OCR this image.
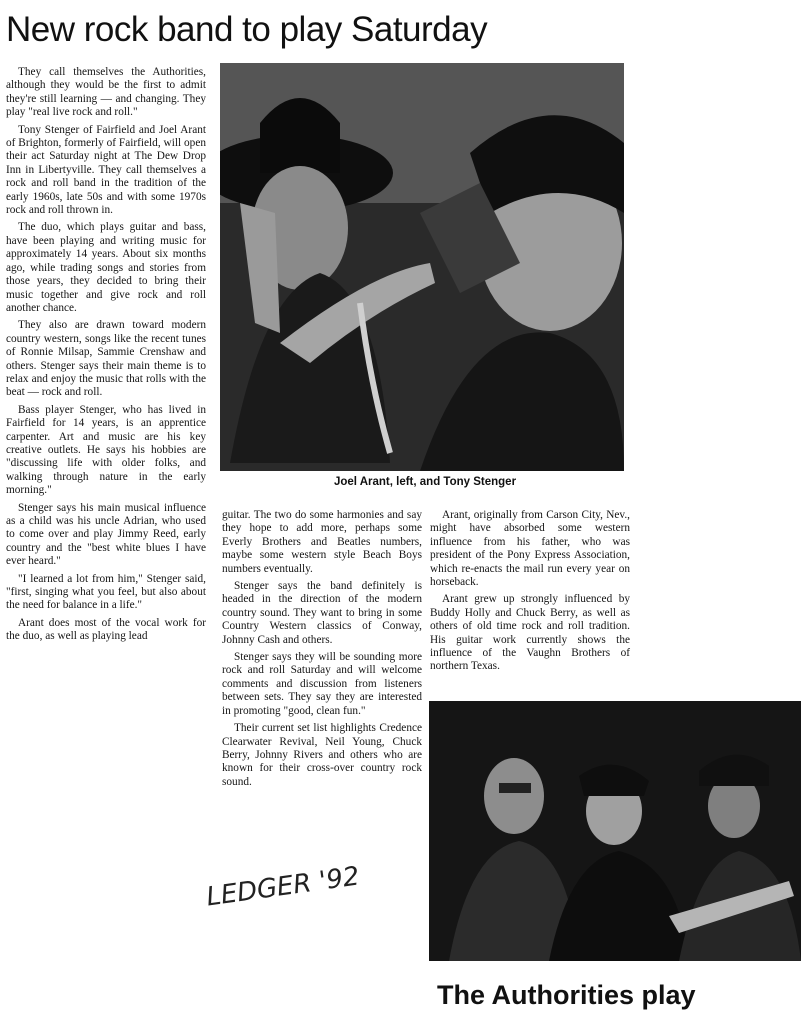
New rock band to play Saturday

They call themselves the Authorities, although they would be the first to admit they're still learning — and changing. They play "real live rock and roll."

Tony Stenger of Fairfield and Joel Arant of Brighton, formerly of Fairfield, will open their act Saturday night at The Dew Drop Inn in Libertyville. They call themselves a rock and roll band in the tradition of the early 1960s, late 50s and with some 1970s rock and roll thrown in.

The duo, which plays guitar and bass, have been playing and writing music for approximately 14 years. About six months ago, while trading songs and stories from those years, they decided to bring their music together and give rock and roll another chance.

They also are drawn toward modern country western, songs like the recent tunes of Ronnie Milsap, Sammie Crenshaw and others. Stenger says their main theme is to relax and enjoy the music that rolls with the beat — rock and roll.

Bass player Stenger, who has lived in Fairfield for 14 years, is an apprentice carpenter. Art and music are his key creative outlets. He says his hobbies are "discussing life with older folks, and walking through nature in the early morning."

Stenger says his main musical influence as a child was his uncle Adrian, who used to come over and play Jimmy Reed, early country and the "best white blues I have ever heard."

"I learned a lot from him," Stenger said, "first, singing what you feel, but also about the need for balance in a life."

Arant does most of the vocal work for the duo, as well as playing lead

Joel Arant, left, and Tony Stenger

guitar. The two do some harmonies and say they hope to add more, perhaps some Everly Brothers and Beatles numbers, maybe some western style Beach Boys numbers eventually.

Stenger says the band definitely is headed in the direction of the modern country sound. They want to bring in some Country Western classics of Conway, Johnny Cash and others.

Stenger says they will be sounding more rock and roll Saturday and will welcome comments and discussion from listeners between sets. They say they are interested in promoting "good, clean fun."

Their current set list highlights Credence Clearwater Revival, Neil Young, Chuck Berry, Johnny Rivers and others who are known for their cross-over country rock sound.

Arant, originally from Carson City, Nev., might have absorbed some western influence from his father, who was president of the Pony Express Association, which re-enacts the mail run every year on horseback.

Arant grew up strongly influenced by Buddy Holly and Chuck Berry, as well as others of old time rock and roll tradition. His guitar work currently shows the influence of the Vaughn Brothers of northern Texas.

LEDGER '92

The Authorities play
